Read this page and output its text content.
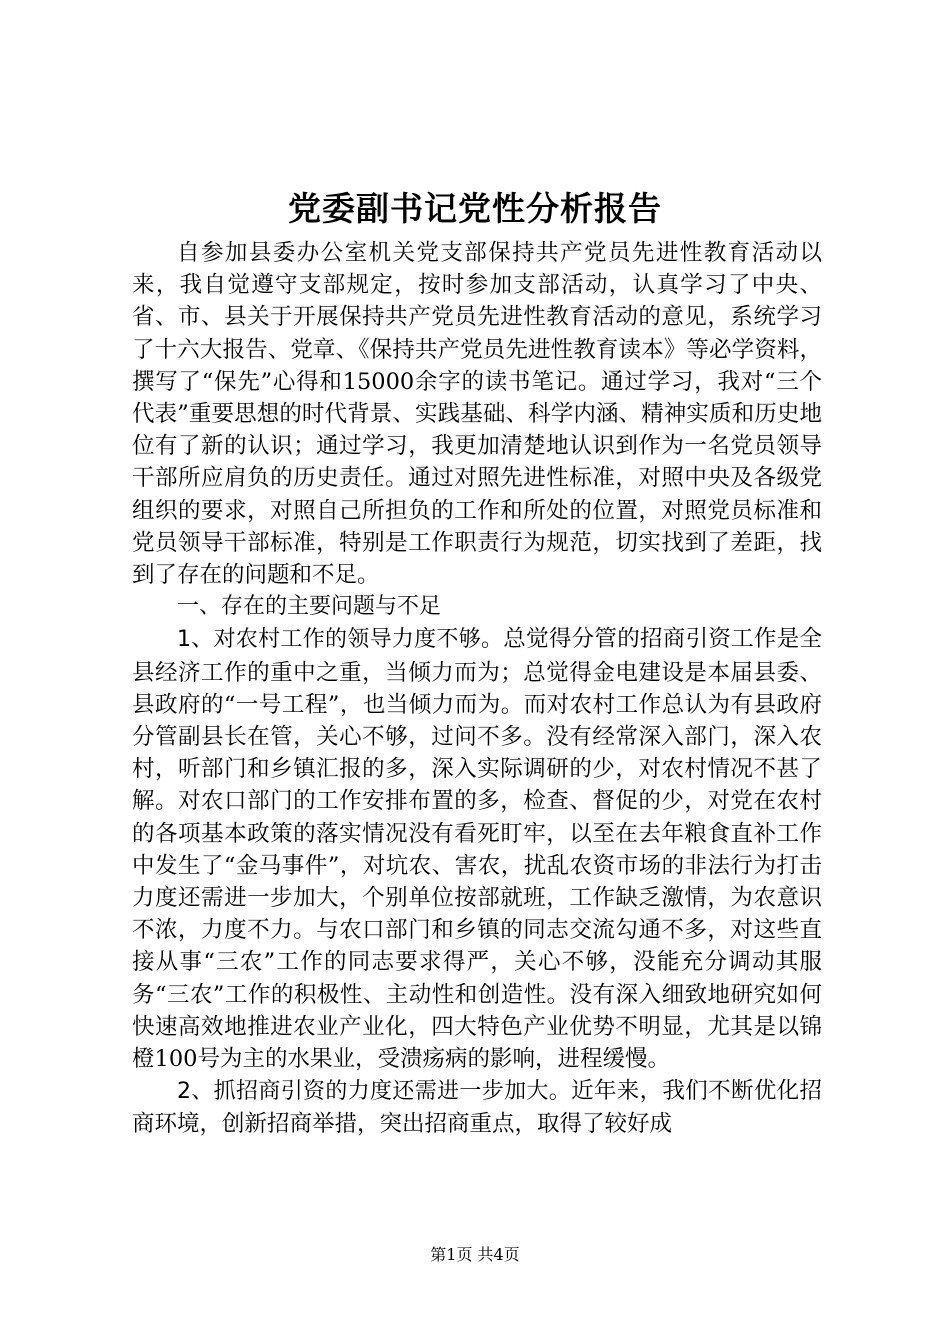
党委副书记党性分析报告

自参加县委办公室机关党支部保持共产党员先进性教育活动以来，我自觉遵守支部规定，按时参加支部活动，认真学习了中央、省、市、县关于开展保持共产党员先进性教育活动的意见，系统学习了十六大报告、党章、《保持共产党员先进性教育读本》等必学资料，撰写了“保先”心得和15000余字的读书笔记。通过学习，我对“三个代表”重要思想的时代背景、实践基础、科学内涵、精神实质和历史地位有了新的认识；通过学习，我更加清楚地认识到作为一名党员领导干部所应肩负的历史责任。通过对照先进性标准，对照中央及各级党组织的要求，对照自己所担负的工作和所处的位置，对照党员标准和党员领导干部标准，特别是工作职责行为规范，切实找到了差距，找到了存在的问题和不足。

一、存在的主要问题与不足

1、对农村工作的领导力度不够。总觉得分管的招商引资工作是全县经济工作的重中之重，当倾力而为；总觉得金电建设是本届县委、县政府的“一号工程”，也当倾力而为。而对农村工作总认为有县政府分管副县长在管，关心不够，过问不多。没有经常深入部门，深入农村，听部门和乡镇汇报的多，深入实际调研的少，对农村情况不甚了解。对农口部门的工作安排布置的多，检查、督促的少，对党在农村的各项基本政策的落实情况没有看死盯牢，以至在去年粮食直补工作中发生了“金马事件”，对坑农、害农，扰乱农资市场的非法行为打击力度还需进一步加大，个别单位按部就班，工作缺乏激情，为农意识不浓，力度不力。与农口部门和乡镇的同志交流勾通不多，对这些直接从事“三农”工作的同志要求得严，关心不够，没能充分调动其服务“三农”工作的积极性、主动性和创造性。没有深入细致地研究如何快速高效地推进农业产业化，四大特色产业优势不明显，尤其是以锦橙100号为主的水果业，受溃疡病的影响，进程缓慢。

2、抓招商引资的力度还需进一步加大。近年来，我们不断优化招商环境，创新招商举措，突出招商重点，取得了较好成

第1页 共4页
